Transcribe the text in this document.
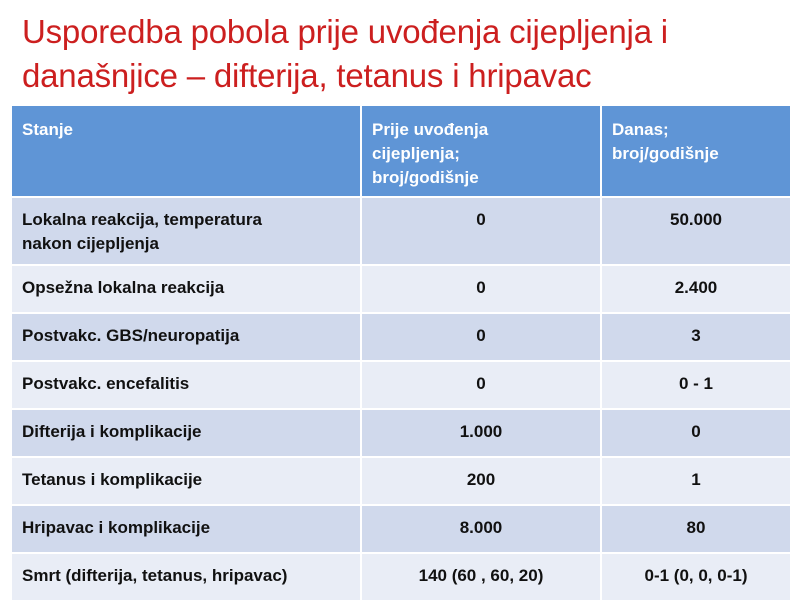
Usporedba pobola prije uvođenja cijepljenja i
današnjice – difterija, tetanus i hripavac
Stanje	Prije uvođenja
cijepljenja;
broj/godišnje	Danas;
broj/godišnje

Lokalna reakcija, temperatura
nakon cijepljenja	0	50.000

Opsežna lokalna reakcija	0	2.400

Postvakc. GBS/neuropatija	0	3

Postvakc. encefalitis	0	0 - 1

Difterija i komplikacije	1.000	0

Tetanus i komplikacije	200	1

Hripavac i komplikacije	8.000	80

Smrt (difterija, tetanus, hripavac)	140 (60 , 60, 20)	0-1 (0, 0, 0-1)
